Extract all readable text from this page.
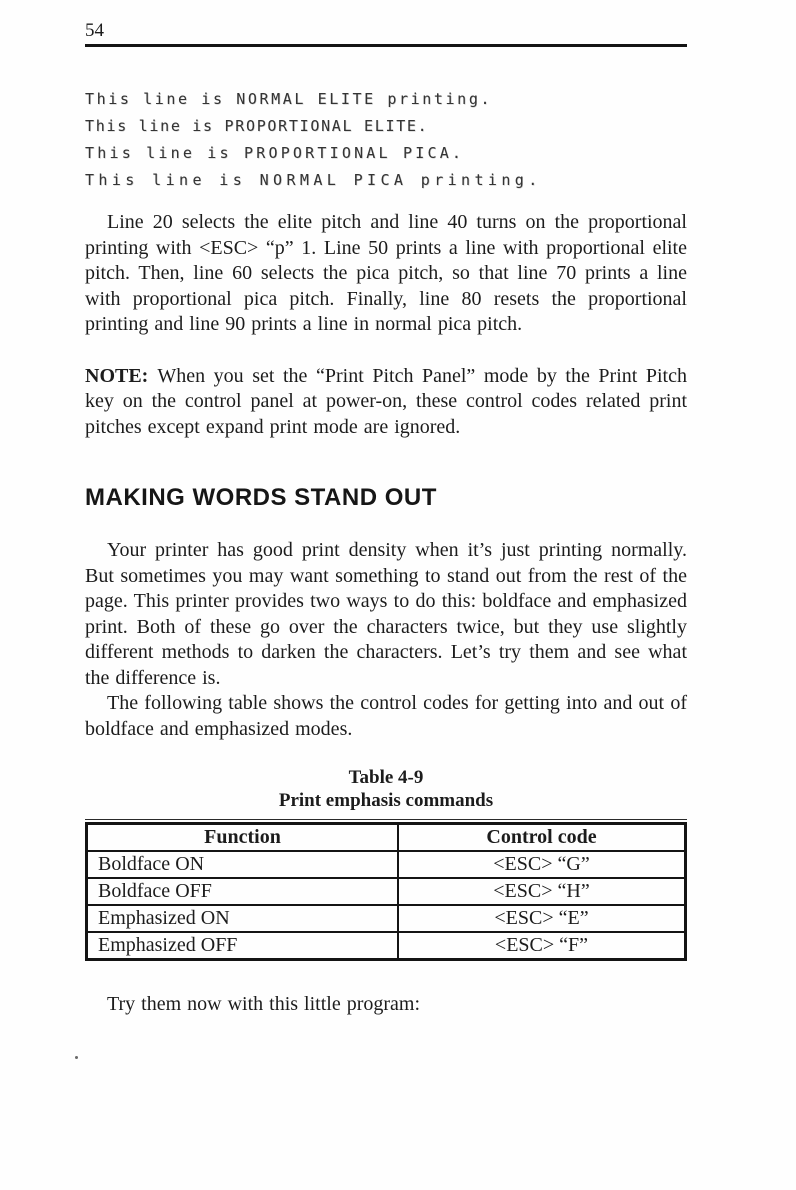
54
This line is NORMAL ELITE printing.
This line is PROPORTIONAL ELITE.
This line is PROPORTIONAL PICA.
This line is NORMAL PICA printing.

Line 20 selects the elite pitch and line 40 turns on the proportional printing with <ESC> “p” 1. Line 50 prints a line with proportional elite pitch. Then, line 60 selects the pica pitch, so that line 70 prints a line with proportional pica pitch. Finally, line 80 resets the proportional printing and line 90 prints a line in normal pica pitch.

NOTE: When you set the “Print Pitch Panel” mode by the Print Pitch key on the control panel at power-on, these control codes related print pitches except expand print mode are ignored.

MAKING WORDS STAND OUT

Your printer has good print density when it’s just printing normally. But sometimes you may want something to stand out from the rest of the page. This printer provides two ways to do this: boldface and emphasized print. Both of these go over the characters twice, but they use slightly different methods to darken the characters. Let’s try them and see what the difference is.

The following table shows the control codes for getting into and out of boldface and emphasized modes.

Table 4-9
Print emphasis commands
Function	Control code
Boldface ON	<ESC> “G”
Boldface OFF	<ESC> “H”
Emphasized ON	<ESC> “E”
Emphasized OFF	<ESC> “F”

Try them now with this little program:
